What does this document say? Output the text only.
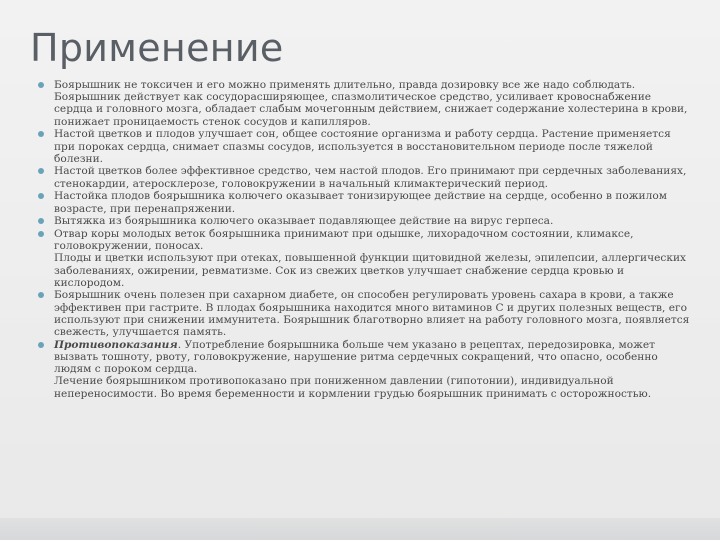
Применение
Боярышник не токсичен и его можно применять длительно, правда дозировку все же надо соблюдать. Боярышник действует как сосудорасширяющее, спазмолитическое средство, усиливает кровоснабжение сердца и головного мозга, обладает слабым мочегонным действием, снижает содержание холестерина в крови, понижает проницаемость стенок сосудов и капилляров.
Настой цветков и плодов улучшает сон, общее состояние организма и работу сердца. Растение применяется при пороках сердца, снимает спазмы сосудов, используется в восстановительном периоде после тяжелой болезни.
Настой цветков более эффективное средство, чем настой плодов. Его принимают при сердечных заболеваниях, стенокардии, атеросклерозе, головокружении в начальный климактерический период.
Настойка плодов боярышника колючего оказывает тонизирующее действие на сердце, особенно в пожилом возрасте, при перенапряжении.
Вытяжка из боярышника колючего оказывает подавляющее действие на вирус герпеса.
Отвар коры молодых веток боярышника принимают при одышке, лихорадочном состоянии, климаксе, головокружении, поносах.
Плоды и цветки используют при отеках, повышенной функции щитовидной железы, эпилепсии, аллергических заболеваниях, ожирении, ревматизме. Сок из свежих цветков улучшает снабжение сердца кровью и кислородом.
Боярышник очень полезен при сахарном диабете, он способен регулировать уровень сахара в крови, а также эффективен при гастрите. В плодах боярышника находится много витаминов С и других полезных веществ, его используют при снижении иммунитета. Боярышник благотворно влияет на работу головного мозга, появляется свежесть, улучшается память.
Противопоказания. Употребление боярышника больше чем указано в рецептах, передозировка, может вызвать тошноту, рвоту, головокружение, нарушение ритма сердечных сокращений, что опасно, особенно людям с пороком сердца.
Лечение боярышником противопоказано при пониженном давлении (гипотонии), индивидуальной непереносимости. Во время беременности и кормлении грудью боярышник принимать с осторожностью.
